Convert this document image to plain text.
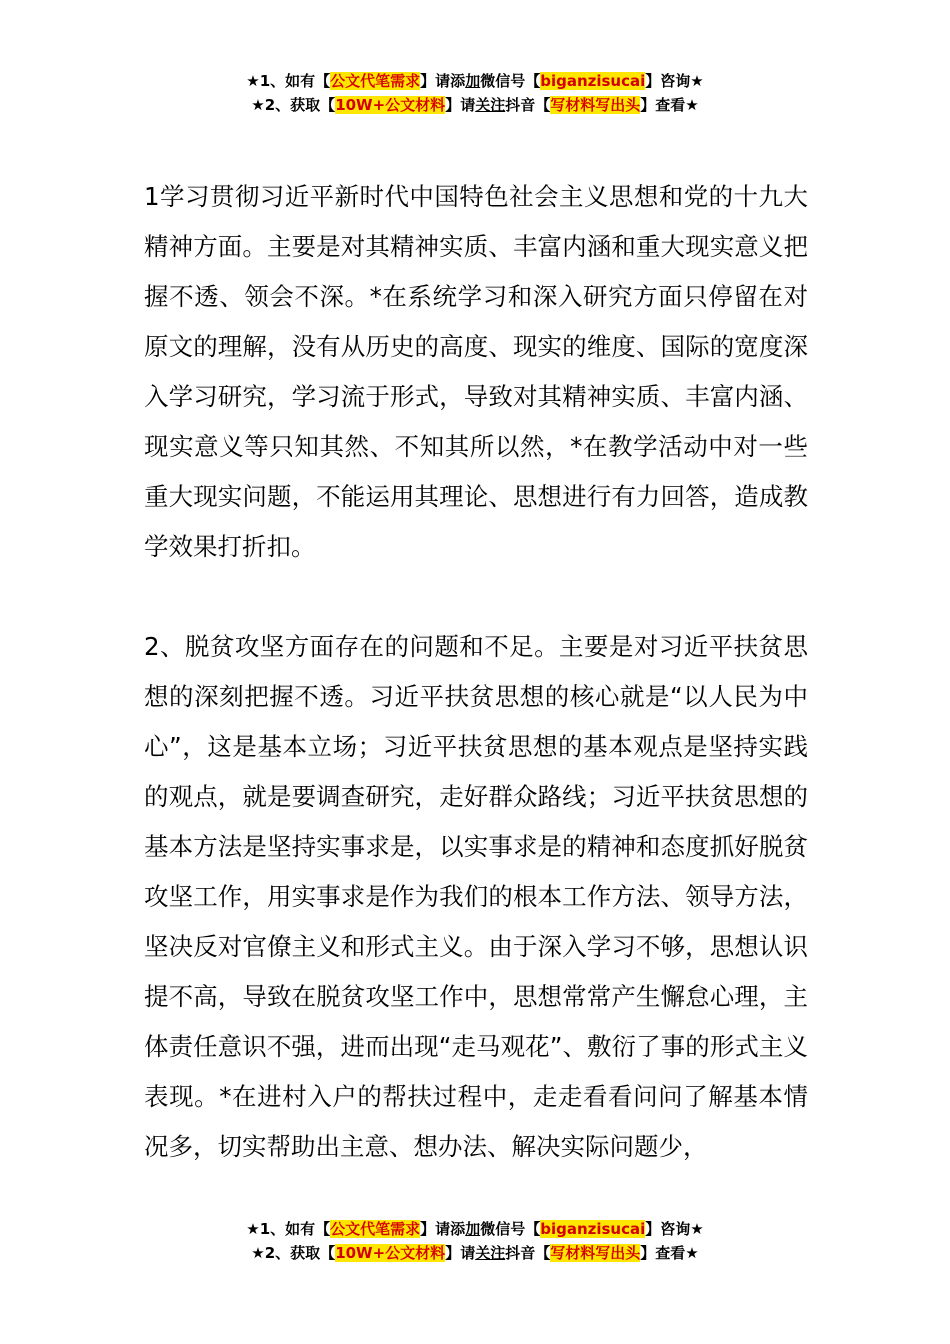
★1、如有【公文代笔需求】请添加微信号【biganzisucai】咨询★
★2、获取【10W+公文材料】请关注抖音【写材料写出头】查看★

1学习贯彻习近平新时代中国特色社会主义思想和党的十九大精神方面。主要是对其精神实质、丰富内涵和重大现实意义把握不透、领会不深。*在系统学习和深入研究方面只停留在对原文的理解，没有从历史的高度、现实的维度、国际的宽度深入学习研究，学习流于形式，导致对其精神实质、丰富内涵、现实意义等只知其然、不知其所以然，*在教学活动中对一些重大现实问题，不能运用其理论、思想进行有力回答，造成教学效果打折扣。

2、脱贫攻坚方面存在的问题和不足。主要是对习近平扶贫思想的深刻把握不透。习近平扶贫思想的核心就是“以人民为中心”，这是基本立场；习近平扶贫思想的基本观点是坚持实践的观点，就是要调查研究，走好群众路线；习近平扶贫思想的基本方法是坚持实事求是，以实事求是的精神和态度抓好脱贫攻坚工作，用实事求是作为我们的根本工作方法、领导方法，坚决反对官僚主义和形式主义。由于深入学习不够，思想认识提不高，导致在脱贫攻坚工作中，思想常常产生懈怠心理，主体责任意识不强，进而出现“走马观花”、敷衍了事的形式主义表现。*在进村入户的帮扶过程中，走走看看问问了解基本情况多，切实帮助出主意、想办法、解决实际问题少，

★1、如有【公文代笔需求】请添加微信号【biganzisucai】咨询★
★2、获取【10W+公文材料】请关注抖音【写材料写出头】查看★
